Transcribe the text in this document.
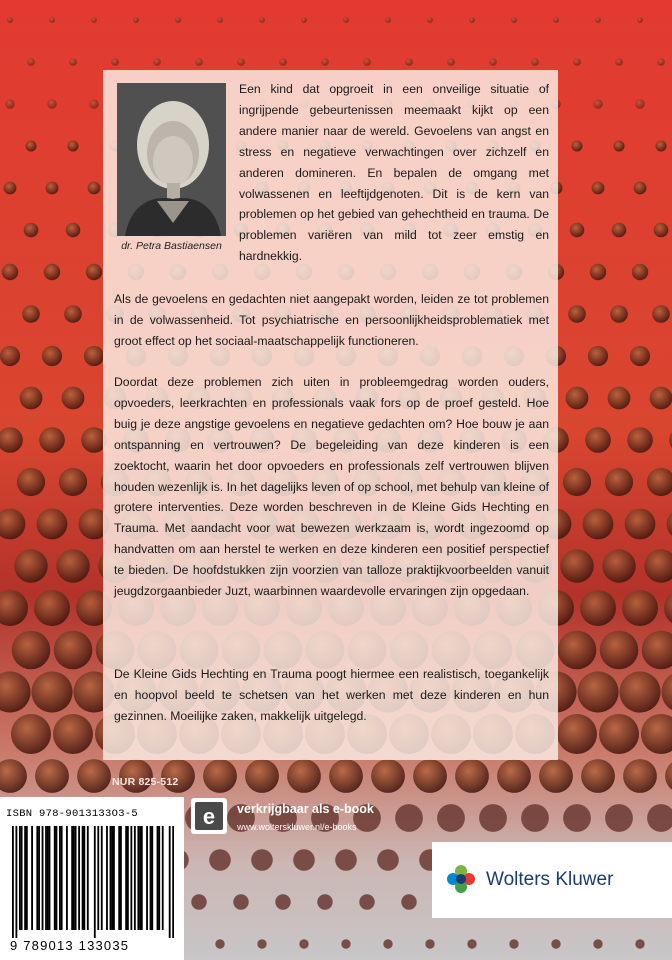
dr. Petra Bastiaensen

Een kind dat opgroeit in een onveilige situatie of ingrijpende gebeurtenissen meemaakt kijkt op een andere manier naar de wereld. Gevoelens van angst en stress en negatieve verwachtingen over zichzelf en anderen domineren. En bepalen de omgang met volwassenen en leeftijdgenoten. Dit is de kern van problemen op het gebied van gehechtheid en trauma. De problemen variëren van mild tot zeer emstig en hardnekkig.

Als de gevoelens en gedachten niet aangepakt worden, leiden ze tot problemen in de volwassenheid. Tot psychiatrische en persoonlijkheidsproblematiek met groot effect op het sociaal-maatschappelijk functioneren.

Doordat deze problemen zich uiten in probleemgedrag worden ouders, opvoeders, leerkrachten en professionals vaak fors op de proef gesteld. Hoe buig je deze angstige gevoelens en negatieve gedachten om? Hoe bouw je aan ontspanning en vertrouwen? De begeleiding van deze kinderen is een zoektocht, waarin het door opvoeders en professionals zelf vertrouwen blijven houden wezenlijk is. In het dagelijks leven of op school, met behulp van kleine of grotere interventies. Deze worden beschreven in de Kleine Gids Hechting en Trauma. Met aandacht voor wat bewezen werkzaam is, wordt ingezoomd op handvatten om aan herstel te werken en deze kinderen een positief perspectief te bieden. De hoofdstukken zijn voorzien van talloze praktijkvoorbeelden vanuit jeugdzorgaanbieder Juzt, waarbinnen waardevolle ervaringen zijn opgedaan.

De Kleine Gids Hechting en Trauma poogt hiermee een realistisch, toegankelijk en hoopvol beeld te schetsen van het werken met deze kinderen en hun gezinnen. Moeilijke zaken, makkelijk uitgelegd.

NUR 825-512
ISBN 978-9013133O3-5
9 789013 133035
e verkrijgbaar als e-book
www.wolterskluwer.nl/e-books
Wolters Kluwer
